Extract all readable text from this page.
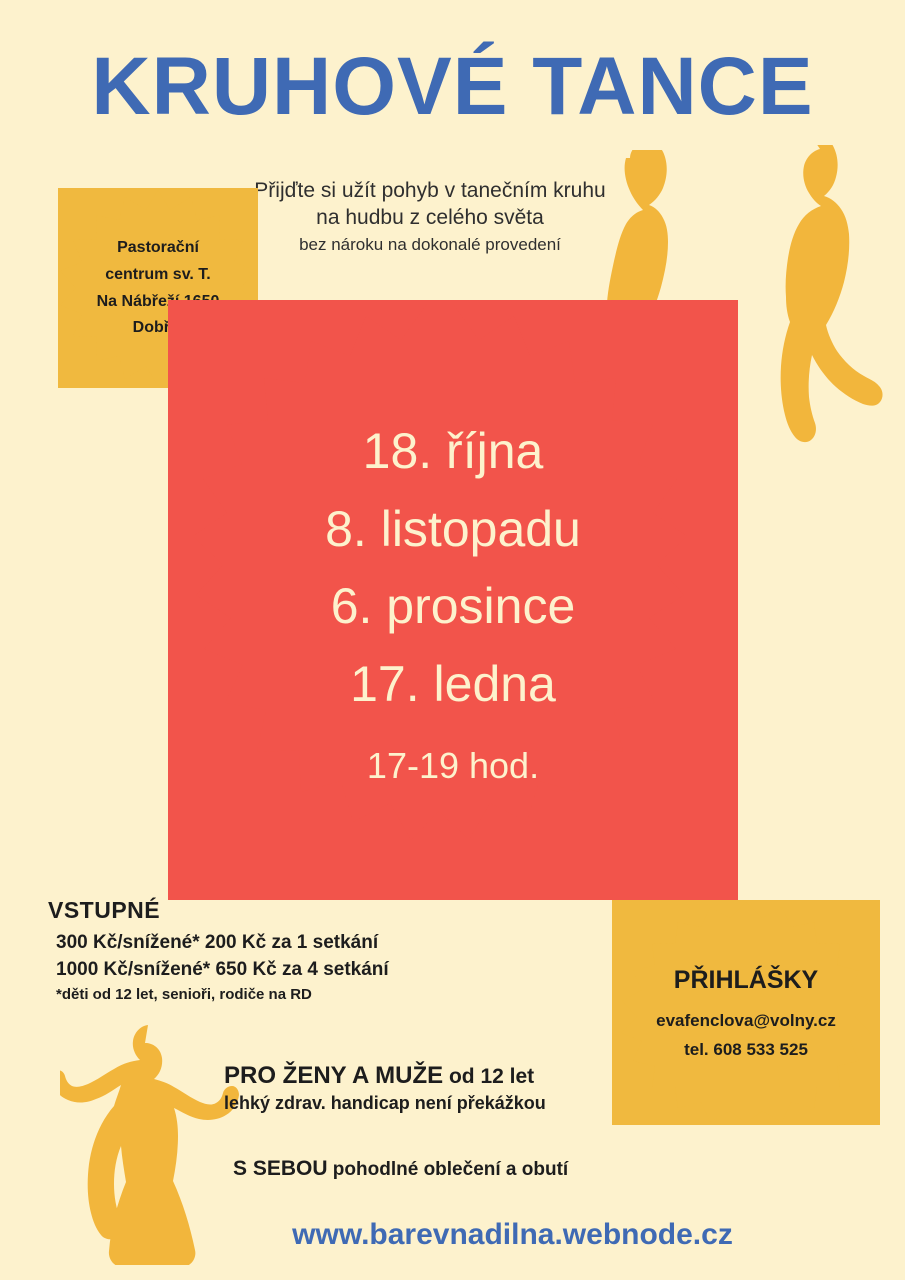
KRUHOVÉ TANCE
Přijďte si užít pohyb v tanečním kruhu
na hudbu z celého světa
bez nároku na dokonalé provedení
Pastorační
centrum sv. T.
Na Nábřeží 1650
Dobříš
18. října
8. listopadu
6. prosince
17. ledna
17-19 hod.
VSTUPNÉ
300 Kč/snížené* 200 Kč za 1 setkání
1000 Kč/snížené* 650 Kč za 4 setkání
*děti od 12 let, senioři, rodiče na RD
PŘIHLÁŠKY
evafenclova@volny.cz
tel. 608 533 525
PRO ŽENY A MUŽE od 12 let
lehký zdrav. handicap není překážkou
S SEBOU pohodlné oblečení a obutí
www.barevnadilna.webnode.cz
